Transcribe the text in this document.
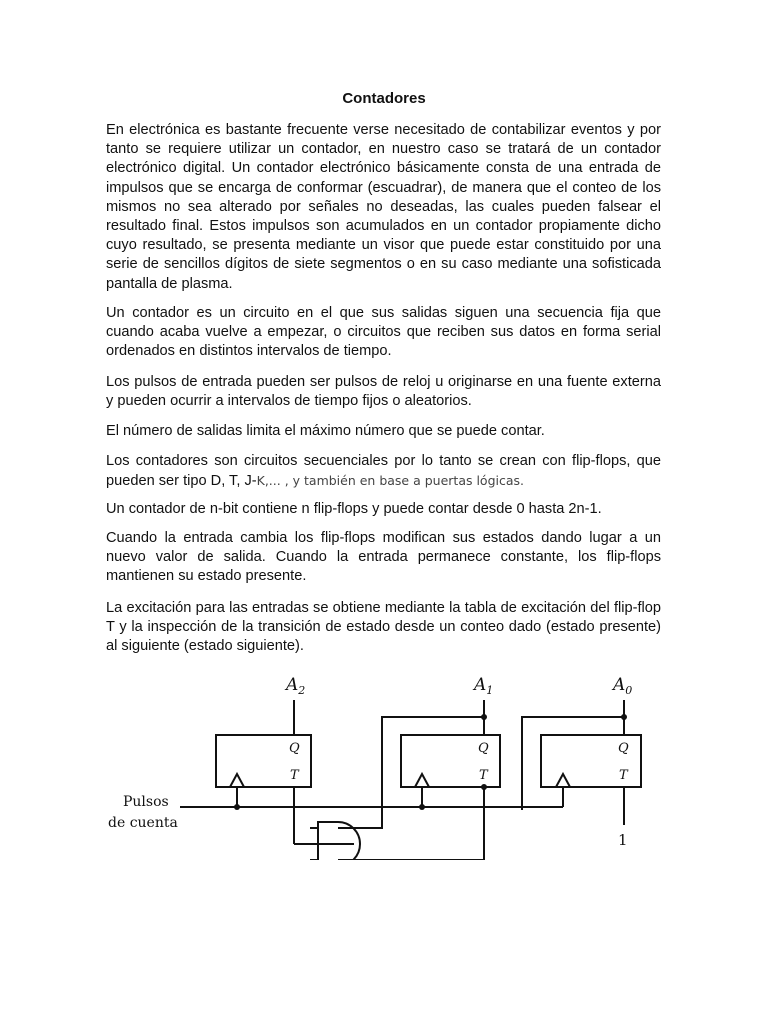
Contadores

En electrónica es bastante frecuente verse necesitado de contabilizar eventos y por tanto se requiere utilizar un contador, en nuestro caso se tratará de un contador electrónico digital. Un contador electrónico básicamente consta de una entrada de impulsos que se encarga de conformar (escuadrar), de manera que el conteo de los mismos no sea alterado por señales no deseadas, las cuales pueden falsear el resultado final. Estos impulsos son acumulados en un contador propiamente dicho cuyo resultado, se presenta mediante un visor que puede estar constituido por una serie de sencillos dígitos de siete segmentos o en su caso mediante una sofisticada pantalla de plasma.

Un contador es un circuito en el que sus salidas siguen una secuencia fija que cuando acaba vuelve a empezar, o circuitos que reciben sus datos en forma serial ordenados en distintos intervalos de tiempo.

Los pulsos de entrada pueden ser pulsos de reloj u originarse en una fuente externa y pueden ocurrir a intervalos de tiempo fijos o aleatorios.

El número de salidas limita el máximo número que se puede contar.

Los contadores son circuitos secuenciales por lo tanto se crean con flip-flops, que pueden ser tipo D, T, J-K,... , y también en base a puertas lógicas.

Un contador de n-bit contiene n flip-flops y puede contar desde 0 hasta 2n-1.

Cuando la entrada cambia los flip-flops modifican sus estados dando lugar a un nuevo valor de salida. Cuando la entrada permanece constante, los flip-flops mantienen su estado presente.

La excitación para las entradas se obtiene mediante la tabla de excitación del flip-flop T y la inspección de la transición de estado desde un conteo dado (estado presente) al siguiente (estado siguiente).

$A_2$	$A_1$	$A_0$
Q
T
Q
T
Q
T
Pulsos
de cuenta
1
